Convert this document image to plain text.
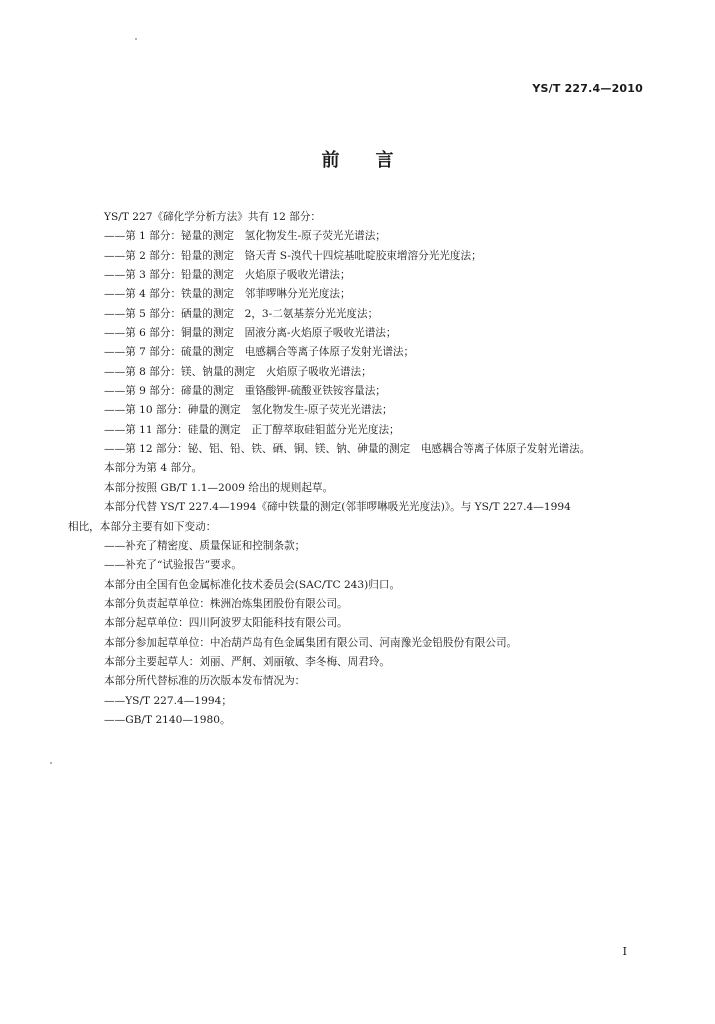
YS/T 227.4—2010
前言
YS/T 227《碲化学分析方法》共有 12 部分：
——第 1 部分：铋量的测定　氢化物发生-原子荧光光谱法；
——第 2 部分：铅量的测定　铬天青 S-溴代十四烷基吡啶胶束增溶分光光度法；
——第 3 部分：铅量的测定　火焰原子吸收光谱法；
——第 4 部分：铁量的测定　邻菲啰啉分光光度法；
——第 5 部分：硒量的测定　2，3-二氨基萘分光光度法；
——第 6 部分：铜量的测定　固液分离-火焰原子吸收光谱法；
——第 7 部分：硫量的测定　电感耦合等离子体原子发射光谱法；
——第 8 部分：镁、钠量的测定　火焰原子吸收光谱法；
——第 9 部分：碲量的测定　重铬酸钾-硫酸亚铁铵容量法；
——第 10 部分：砷量的测定　氢化物发生-原子荧光光谱法；
——第 11 部分：硅量的测定　正丁醇萃取硅钼蓝分光光度法；
——第 12 部分：铋、铝、铅、铁、硒、铜、镁、钠、砷量的测定　电感耦合等离子体原子发射光谱法。
本部分为第 4 部分。
本部分按照 GB/T 1.1—2009 给出的规则起草。
本部分代替 YS/T 227.4—1994《碲中铁量的测定(邻菲啰啉吸光光度法)》。与 YS/T 227.4—1994
相比，本部分主要有如下变动：
——补充了精密度、质量保证和控制条款；
——补充了“试验报告”要求。
本部分由全国有色金属标准化技术委员会(SAC/TC 243)归口。
本部分负责起草单位：株洲冶炼集团股份有限公司。
本部分起草单位：四川阿波罗太阳能科技有限公司。
本部分参加起草单位：中冶葫芦岛有色金属集团有限公司、河南豫光金铅股份有限公司。
本部分主要起草人：刘丽、严舸、刘丽敏、李冬梅、周君玲。
本部分所代替标准的历次版本发布情况为：
——YS/T 227.4—1994；
——GB/T 2140—1980。
I
